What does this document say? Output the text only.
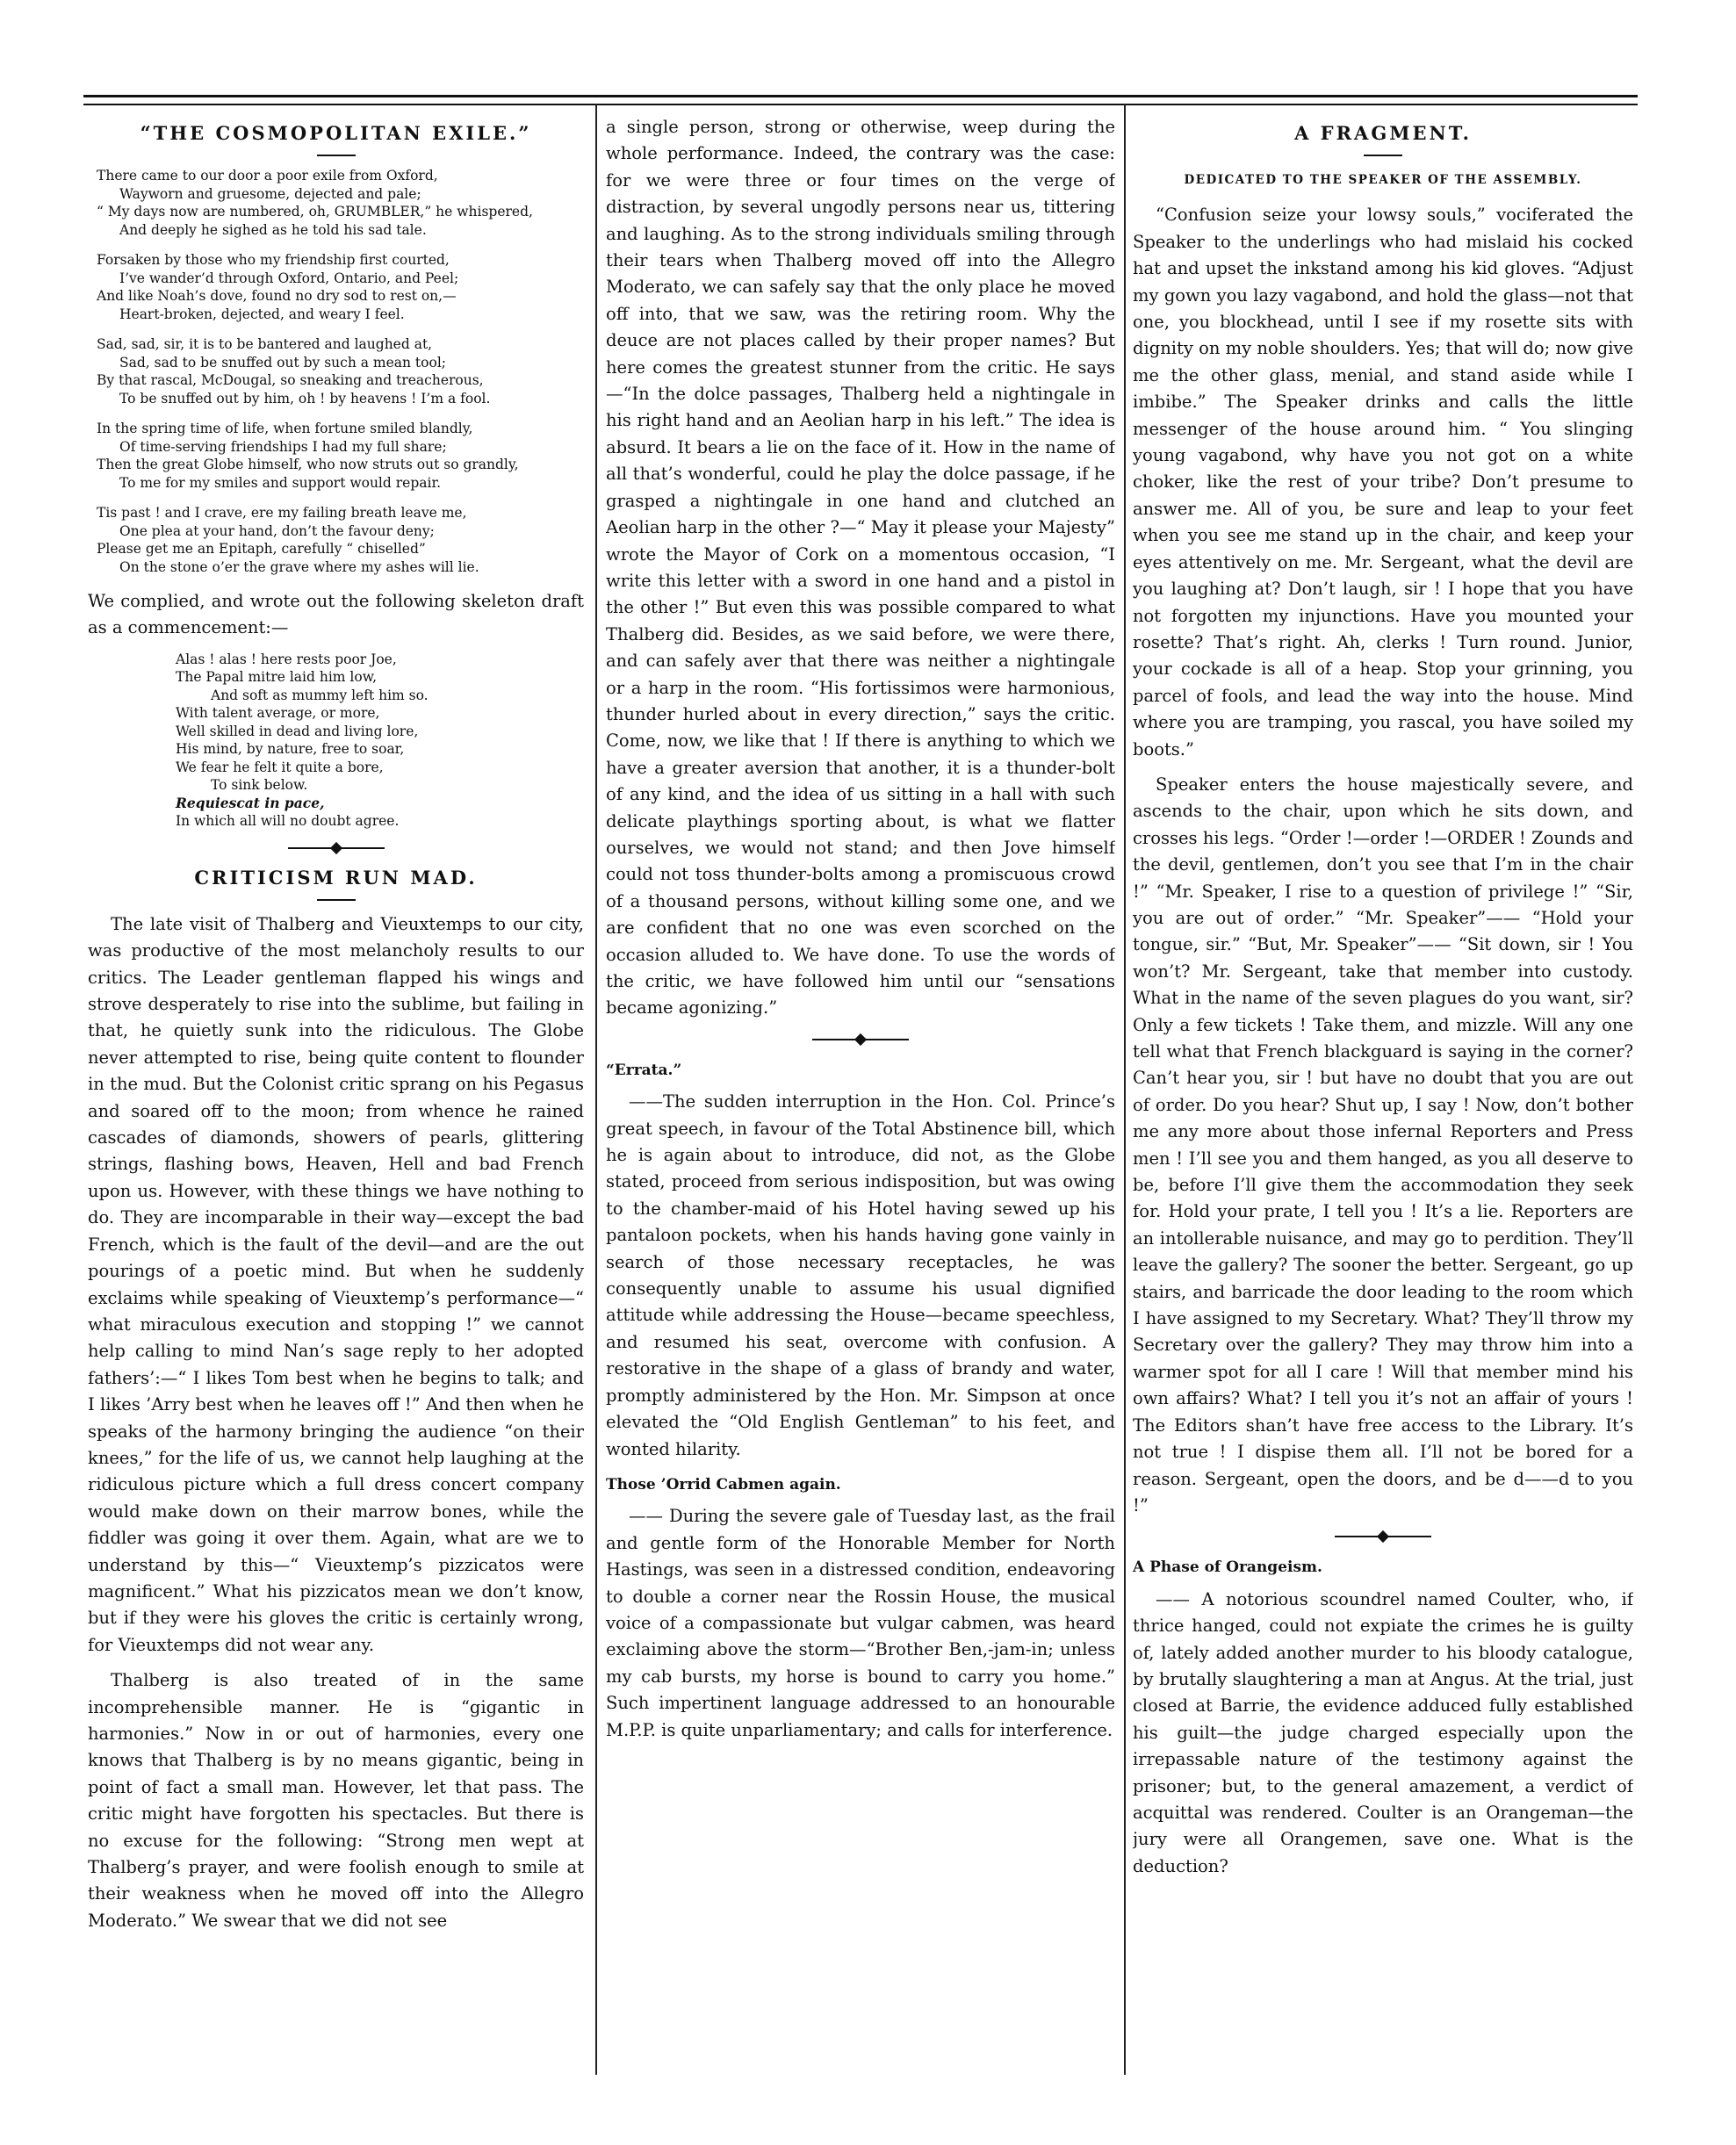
“THE COSMOPOLITAN EXILE.”
There came to our door a poor exile from Oxford,
Wayworn and gruesome, dejected and pale;
“ My days now are numbered, oh, GRUMBLER,” he whispered,
And deeply he sighed as he told his sad tale.
Forsaken by those who my friendship first courted,
I’ve wander’d through Oxford, Ontario, and Peel;
And like Noah’s dove, found no dry sod to rest on,—
Heart-broken, dejected, and weary I feel.
Sad, sad, sir, it is to be bantered and laughed at,
Sad, sad to be snuffed out by such a mean tool;
By that rascal, McDougal, so sneaking and treacherous,
To be snuffed out by him, oh ! by heavens ! I’m a fool.
In the spring time of life, when fortune smiled blandly,
Of time-serving friendships I had my full share;
Then the great Globe himself, who now struts out so grandly,
To me for my smiles and support would repair.
Tis past ! and I crave, ere my failing breath leave me,
One plea at your hand, don’t the favour deny;
Please get me an Epitaph, carefully “ chiselled”
On the stone o’er the grave where my ashes will lie.

We complied, and wrote out the following skeleton draft as a commencement:—

Alas ! alas ! here rests poor Joe,
The Papal mitre laid him low,
And soft as mummy left him so.
With talent average, or more,
Well skilled in dead and living lore,
His mind, by nature, free to soar,
We fear he felt it quite a bore,
To sink below.
Requiescat in pace,
In which all will no doubt agree.
CRITICISM RUN MAD.

The late visit of Thalberg and Vieuxtemps to our city, was productive of the most melancholy results to our critics. The Leader gentleman flapped his wings and strove desperately to rise into the sublime, but failing in that, he quietly sunk into the ridiculous. The Globe never attempted to rise, being quite content to flounder in the mud. But the Colonist critic sprang on his Pegasus and soared off to the moon; from whence he rained cascades of diamonds, showers of pearls, glittering strings, flashing bows, Heaven, Hell and bad French upon us. However, with these things we have nothing to do. They are incomparable in their way—except the bad French, which is the fault of the devil—and are the out pourings of a poetic mind. But when he suddenly exclaims while speaking of Vieuxtemp’s performance—“ what miraculous execution and stopping !” we cannot help calling to mind Nan’s sage reply to her adopted fathers’:—“ I likes Tom best when he begins to talk; and I likes ’Arry best when he leaves off !” And then when he speaks of the harmony bringing the audience “on their knees,” for the life of us, we cannot help laughing at the ridiculous picture which a full dress concert company would make down on their marrow bones, while the fiddler was going it over them. Again, what are we to understand by this—“ Vieuxtemp’s pizzicatos were magnificent.” What his pizzicatos mean we don’t know, but if they were his gloves the critic is certainly wrong, for Vieuxtemps did not wear any.

Thalberg is also treated of in the same incomprehensible manner. He is “gigantic in harmonies.” Now in or out of harmonies, every one knows that Thalberg is by no means gigantic, being in point of fact a small man. However, let that pass. The critic might have forgotten his spectacles. But there is no excuse for the following: “Strong men wept at Thalberg’s prayer, and were foolish enough to smile at their weakness when he moved off into the Allegro Moderato.” We swear that we did not see

a single person, strong or otherwise, weep during the whole performance. Indeed, the contrary was the case: for we were three or four times on the verge of distraction, by several ungodly persons near us, tittering and laughing. As to the strong individuals smiling through their tears when Thalberg moved off into the Allegro Moderato, we can safely say that the only place he moved off into, that we saw, was the retiring room. Why the deuce are not places called by their proper names? But here comes the greatest stunner from the critic. He says—“In the dolce passages, Thalberg held a nightingale in his right hand and an Aeolian harp in his left.” The idea is absurd. It bears a lie on the face of it. How in the name of all that’s wonderful, could he play the dolce passage, if he grasped a nightingale in one hand and clutched an Aeolian harp in the other ?—“ May it please your Majesty” wrote the Mayor of Cork on a momentous occasion, “I write this letter with a sword in one hand and a pistol in the other !” But even this was possible compared to what Thalberg did. Besides, as we said before, we were there, and can safely aver that there was neither a nightingale or a harp in the room. “His fortissimos were harmonious, thunder hurled about in every direction,” says the critic. Come, now, we like that ! If there is anything to which we have a greater aversion that another, it is a thunder-bolt of any kind, and the idea of us sitting in a hall with such delicate playthings sporting about, is what we flatter ourselves, we would not stand; and then Jove himself could not toss thunder-bolts among a promiscuous crowd of a thousand persons, without killing some one, and we are confident that no one was even scorched on the occasion alluded to. We have done. To use the words of the critic, we have followed him until our “sensations became agonizing.”

“Errata.”

——The sudden interruption in the Hon. Col. Prince’s great speech, in favour of the Total Abstinence bill, which he is again about to introduce, did not, as the Globe stated, proceed from serious indisposition, but was owing to the chamber-maid of his Hotel having sewed up his pantaloon pockets, when his hands having gone vainly in search of those necessary receptacles, he was consequently unable to assume his usual dignified attitude while addressing the House—became speechless, and resumed his seat, overcome with confusion. A restorative in the shape of a glass of brandy and water, promptly administered by the Hon. Mr. Simpson at once elevated the “Old English Gentleman” to his feet, and wonted hilarity.

Those ’Orrid Cabmen again.

—— During the severe gale of Tuesday last, as the frail and gentle form of the Honorable Member for North Hastings, was seen in a distressed condition, endeavoring to double a corner near the Rossin House, the musical voice of a compassionate but vulgar cabmen, was heard exclaiming above the storm—“Brother Ben,-jam-in; unless my cab bursts, my horse is bound to carry you home.” Such impertinent language addressed to an honourable M.P.P. is quite unparliamentary; and calls for interference.

A FRAGMENT.
DEDICATED TO THE SPEAKER OF THE ASSEMBLY.

“Confusion seize your lowsy souls,” vociferated the Speaker to the underlings who had mislaid his cocked hat and upset the inkstand among his kid gloves. “Adjust my gown you lazy vagabond, and hold the glass—not that one, you blockhead, until I see if my rosette sits with dignity on my noble shoulders. Yes; that will do; now give me the other glass, menial, and stand aside while I imbibe.” The Speaker drinks and calls the little messenger of the house around him. “ You slinging young vagabond, why have you not got on a white choker, like the rest of your tribe? Don’t presume to answer me. All of you, be sure and leap to your feet when you see me stand up in the chair, and keep your eyes attentively on me. Mr. Sergeant, what the devil are you laughing at? Don’t laugh, sir ! I hope that you have not forgotten my injunctions. Have you mounted your rosette? That’s right. Ah, clerks ! Turn round. Junior, your cockade is all of a heap. Stop your grinning, you parcel of fools, and lead the way into the house. Mind where you are tramping, you rascal, you have soiled my boots.”

Speaker enters the house majestically severe, and ascends to the chair, upon which he sits down, and crosses his legs. “Order !—order !—ORDER ! Zounds and the devil, gentlemen, don’t you see that I’m in the chair !” “Mr. Speaker, I rise to a question of privilege !” “Sir, you are out of order.” “Mr. Speaker”—— “Hold your tongue, sir.” “But, Mr. Speaker”—— “Sit down, sir ! You won’t? Mr. Sergeant, take that member into custody. What in the name of the seven plagues do you want, sir? Only a few tickets ! Take them, and mizzle. Will any one tell what that French blackguard is saying in the corner? Can’t hear you, sir ! but have no doubt that you are out of order. Do you hear? Shut up, I say ! Now, don’t bother me any more about those infernal Reporters and Press men ! I’ll see you and them hanged, as you all deserve to be, before I’ll give them the accommodation they seek for. Hold your prate, I tell you ! It’s a lie. Reporters are an intollerable nuisance, and may go to perdition. They’ll leave the gallery? The sooner the better. Sergeant, go up stairs, and barricade the door leading to the room which I have assigned to my Secretary. What? They’ll throw my Secretary over the gallery? They may throw him into a warmer spot for all I care ! Will that member mind his own affairs? What? I tell you it’s not an affair of yours ! The Editors shan’t have free access to the Library. It’s not true ! I dispise them all. I’ll not be bored for a reason. Sergeant, open the doors, and be d——d to you !”

A Phase of Orangeism.

—— A notorious scoundrel named Coulter, who, if thrice hanged, could not expiate the crimes he is guilty of, lately added another murder to his bloody catalogue, by brutally slaughtering a man at Angus. At the trial, just closed at Barrie, the evidence adduced fully established his guilt—the judge charged especially upon the irrepassable nature of the testimony against the prisoner; but, to the general amazement, a verdict of acquittal was rendered. Coulter is an Orangeman—the jury were all Orangemen, save one. What is the deduction?
